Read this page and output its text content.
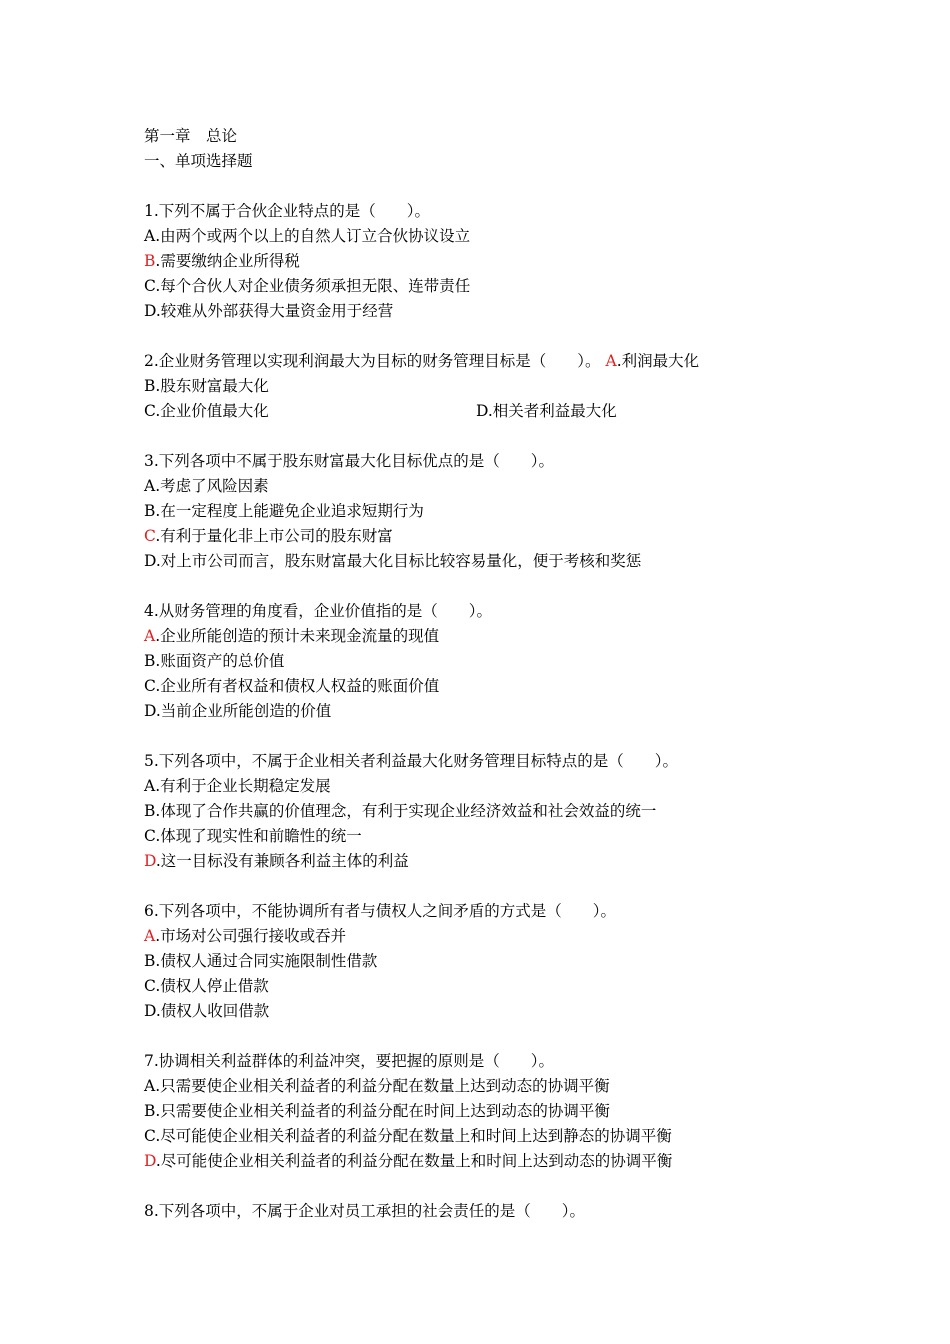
第一章　总论
一、单项选择题
1.下列不属于合伙企业特点的是（　　）。
A.由两个或两个以上的自然人订立合伙协议设立
B.需要缴纳企业所得税
C.每个合伙人对企业债务须承担无限、连带责任
D.较难从外部获得大量资金用于经营
2.企业财务管理以实现利润最大为目标的财务管理目标是（　　）。 A.利润最大化
B.股东财富最大化
C.企业价值最大化	D.相关者利益最大化
3.下列各项中不属于股东财富最大化目标优点的是（　　）。
A.考虑了风险因素
B.在一定程度上能避免企业追求短期行为
C.有利于量化非上市公司的股东财富
D.对上市公司而言，股东财富最大化目标比较容易量化，便于考核和奖惩
4.从财务管理的角度看，企业价值指的是（　　）。
A.企业所能创造的预计未来现金流量的现值
B.账面资产的总价值
C.企业所有者权益和债权人权益的账面价值
D.当前企业所能创造的价值
5.下列各项中，不属于企业相关者利益最大化财务管理目标特点的是（　　）。
A.有利于企业长期稳定发展
B.体现了合作共赢的价值理念，有利于实现企业经济效益和社会效益的统一
C.体现了现实性和前瞻性的统一
D.这一目标没有兼顾各利益主体的利益
6.下列各项中，不能协调所有者与债权人之间矛盾的方式是（　　）。
A.市场对公司强行接收或吞并
B.债权人通过合同实施限制性借款
C.债权人停止借款
D.债权人收回借款
7.协调相关利益群体的利益冲突，要把握的原则是（　　）。
A.只需要使企业相关利益者的利益分配在数量上达到动态的协调平衡
B.只需要使企业相关利益者的利益分配在时间上达到动态的协调平衡
C.尽可能使企业相关利益者的利益分配在数量上和时间上达到静态的协调平衡
D.尽可能使企业相关利益者的利益分配在数量上和时间上达到动态的协调平衡
8.下列各项中，不属于企业对员工承担的社会责任的是（　　）。
